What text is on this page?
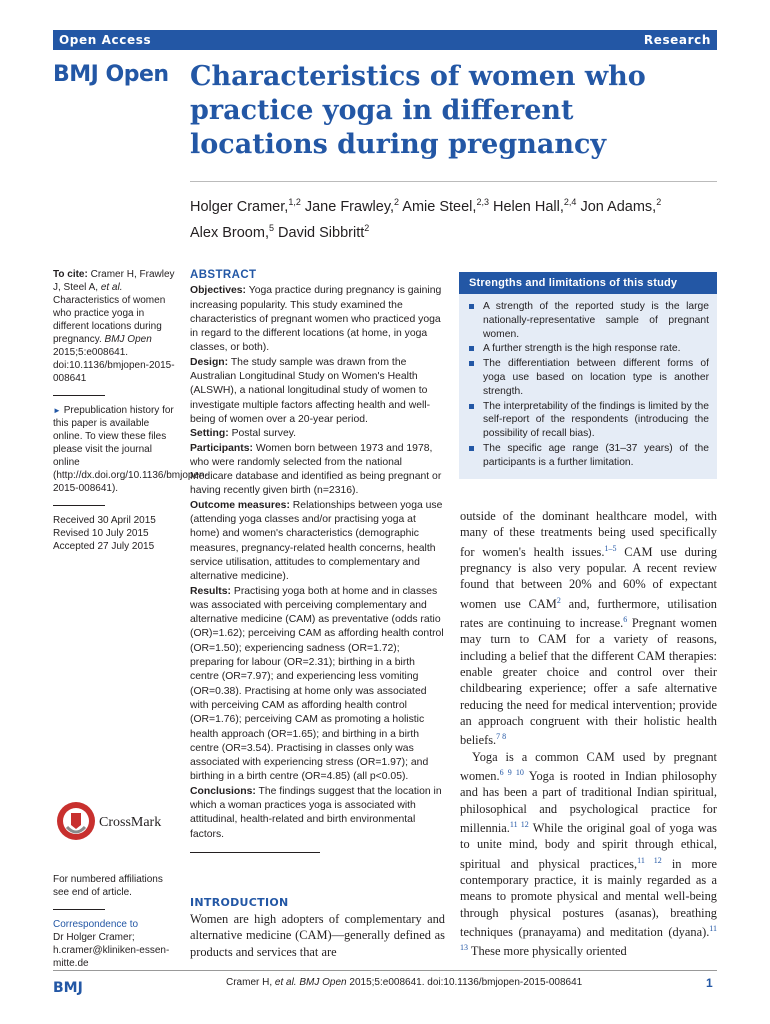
Open Access	Research
BMJ Open Characteristics of women who practice yoga in different locations during pregnancy
Holger Cramer,$^{1,2}$ Jane Frawley,$^2$ Amie Steel,$^{2,3}$ Helen Hall,$^{2,4}$ Jon Adams,$^2$
Alex Broom,$^5$ David Sibbritt$^2$

To cite: Cramer H, Frawley J, Steel A, et al. Characteristics of women who practice yoga in different locations during pregnancy. BMJ Open 2015;5:e008641. doi:10.1136/bmjopen-2015-008641

► Prepublication history for this paper is available online. To view these files please visit the journal online (http://dx.doi.org/10.1136/bmjopen-2015-008641).

Received 30 April 2015
Revised 10 July 2015
Accepted 27 July 2015
CrossMark

For numbered affiliations see end of article.

Correspondence to
Dr Holger Cramer; h.cramer@kliniken-essen-mitte.de
ABSTRACT

Objectives: Yoga practice during pregnancy is gaining increasing popularity. This study examined the characteristics of pregnant women who practiced yoga in regard to the different locations (at home, in yoga classes, or both).

Design: The study sample was drawn from the Australian Longitudinal Study on Women's Health (ALSWH), a national longitudinal study of women to investigate multiple factors affecting health and well-being of women over a 20-year period.

Setting: Postal survey.

Participants: Women born between 1973 and 1978, who were randomly selected from the national Medicare database and identified as being pregnant or having recently given birth (n=2316).

Outcome measures: Relationships between yoga use (attending yoga classes and/or practising yoga at home) and women's characteristics (demographic measures, pregnancy-related health concerns, health service utilisation, attitudes to complementary and alternative medicine).

Results: Practising yoga both at home and in classes was associated with perceiving complementary and alternative medicine (CAM) as preventative (odds ratio (OR)=1.62); perceiving CAM as affording health control (OR=1.50); experiencing sadness (OR=1.72); preparing for labour (OR=2.31); birthing in a birth centre (OR=7.97); and experiencing less vomiting (OR=0.38). Practising at home only was associated with perceiving CAM as affording health control (OR=1.76); perceiving CAM as promoting a holistic health approach (OR=1.65); and birthing in a birth centre (OR=3.54). Practising in classes only was associated with experiencing stress (OR=1.97); and birthing in a birth centre (OR=4.85) (all p<0.05).

Conclusions: The findings suggest that the location in which a woman practices yoga is associated with attitudinal, health-related and birth environmental factors.

INTRODUCTION
Women are high adopters of complementary and alternative medicine (CAM)—generally defined as products and services that are
Strengths and limitations of this study
A strength of the reported study is the large nationally-representative sample of pregnant women.
A further strength is the high response rate.
The differentiation between different forms of yoga use based on location type is another strength.
The interpretability of the findings is limited by the self-report of the respondents (introducing the possibility of recall bias).
The specific age range (31–37 years) of the participants is a further limitation.

outside of the dominant healthcare model, with many of these treatments being used specifically for women's health issues.$^{1-5}$ CAM use during pregnancy is also very popular. A recent review found that between 20% and 60% of expectant women use CAM$^2$ and, furthermore, utilisation rates are continuing to increase.$^6$ Pregnant women may turn to CAM for a variety of reasons, including a belief that the different CAM therapies: enable greater choice and control over their childbearing experience; offer a safe alternative reducing the need for medical intervention; provide an approach congruent with their holistic health beliefs.$^{7 8}$

Yoga is a common CAM used by pregnant women.$^{6 9 10}$ Yoga is rooted in Indian philosophy and has been a part of traditional Indian spiritual, philosophical and psychological practice for millennia.$^{11 12}$ While the original goal of yoga was to unite mind, body and spirit through ethical, spiritual and physical practices,$^{11 12}$ in more contemporary practice, it is mainly regarded as a means to promote physical and mental well-being through physical postures (asanas), breathing techniques (pranayama) and meditation (dyana).$^{11 13}$ These more physically oriented

BMJ	Cramer H, et al. BMJ Open 2015;5:e008641. doi:10.1136/bmjopen-2015-008641	1
